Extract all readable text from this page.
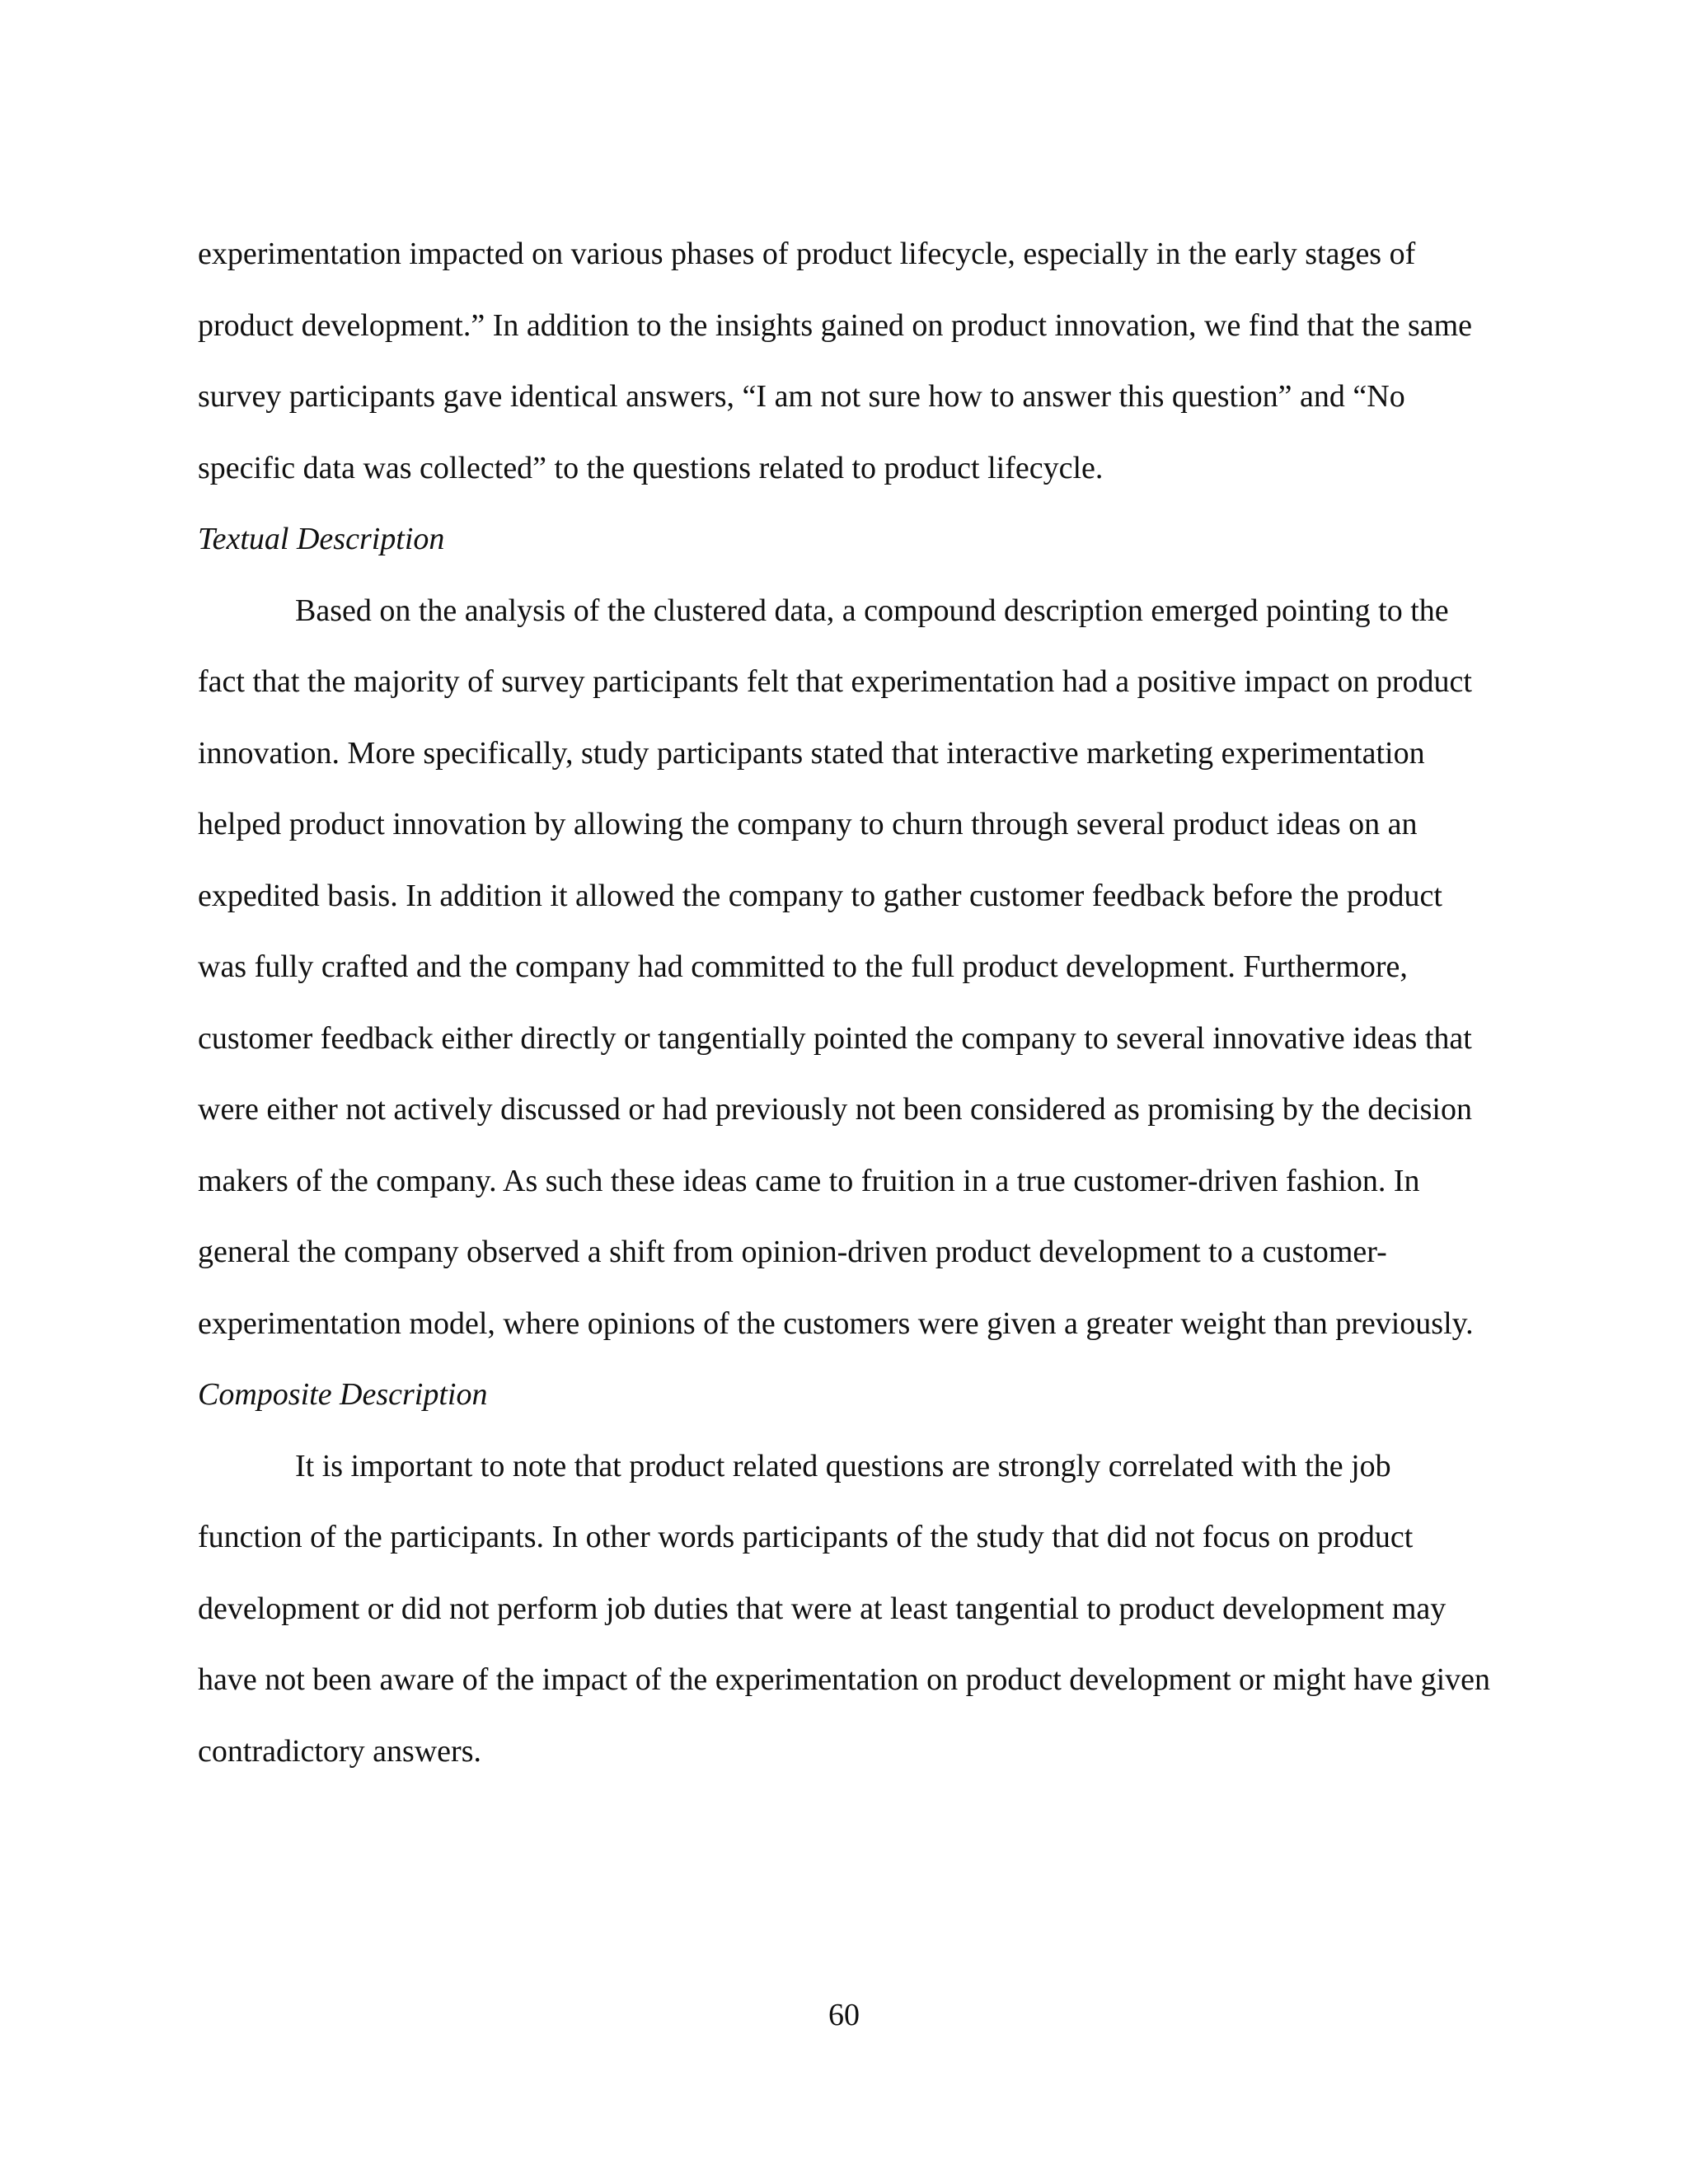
experimentation impacted on various phases of product lifecycle, especially in the early stages of product development.” In addition to the insights gained on product innovation, we find that the same survey participants gave identical answers, “I am not sure how to answer this question” and “No specific data was collected” to the questions related to product lifecycle.

Textual Description

Based on the analysis of the clustered data, a compound description emerged pointing to the fact that the majority of survey participants felt that experimentation had a positive impact on product innovation. More specifically, study participants stated that interactive marketing experimentation helped product innovation by allowing the company to churn through several product ideas on an expedited basis. In addition it allowed the company to gather customer feedback before the product was fully crafted and the company had committed to the full product development. Furthermore, customer feedback either directly or tangentially pointed the company to several innovative ideas that were either not actively discussed or had previously not been considered as promising by the decision makers of the company. As such these ideas came to fruition in a true customer-driven fashion. In general the company observed a shift from opinion-driven product development to a customer-experimentation model, where opinions of the customers were given a greater weight than previously.

Composite Description

It is important to note that product related questions are strongly correlated with the job function of the participants. In other words participants of the study that did not focus on product development or did not perform job duties that were at least tangential to product development may have not been aware of the impact of the experimentation on product development or might have given contradictory answers.

60
